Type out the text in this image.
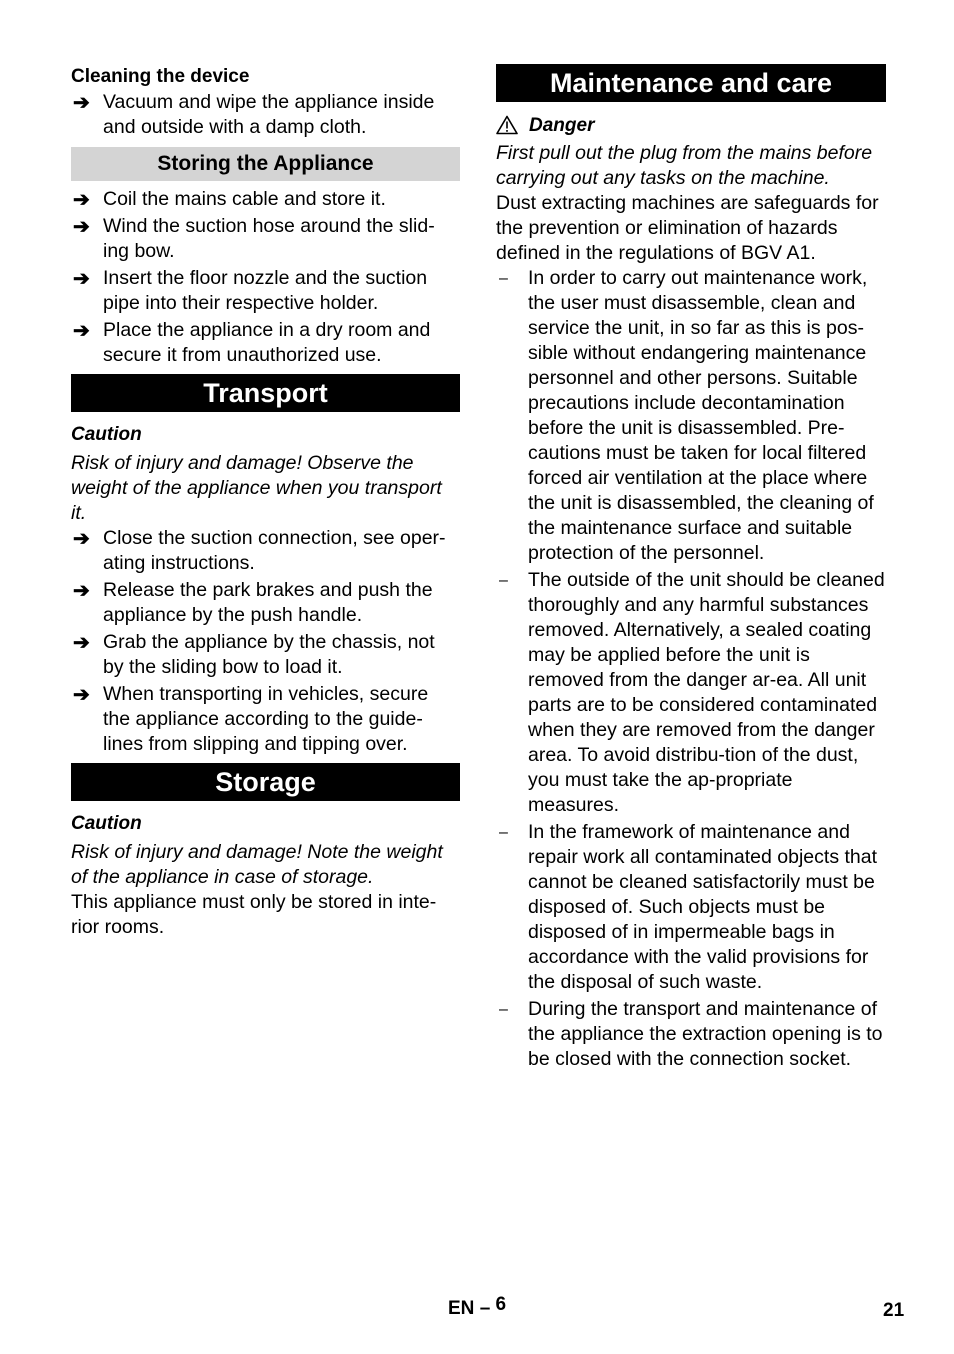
Cleaning the device
➔ Vacuum and wipe the appliance inside and outside with a damp cloth.
Storing the Appliance
➔ Coil the mains cable and store it.
➔ Wind the suction hose around the slid-ing bow.
➔ Insert the floor nozzle and the suction pipe into their respective holder.
➔ Place the appliance in a dry room and secure it from unauthorized use.
Transport
Caution
Risk of injury and damage! Observe the weight of the appliance when you transport it.
➔ Close the suction connection, see oper-ating instructions.
➔ Release the park brakes and push the appliance by the push handle.
➔ Grab the appliance by the chassis, not by the sliding bow to load it.
➔ When transporting in vehicles, secure the appliance according to the guide-lines from slipping and tipping over.
Storage
Caution
Risk of injury and damage! Note the weight of the appliance in case of storage.
This appliance must only be stored in inte-rior rooms.
Maintenance and care
Danger
First pull out the plug from the mains before carrying out any tasks on the machine.
Dust extracting machines are safeguards for the prevention or elimination of hazards defined in the regulations of BGV A1.
– In order to carry out maintenance work, the user must disassemble, clean and service the unit, in so far as this is pos-sible without endangering maintenance personnel and other persons. Suitable precautions include decontamination before the unit is disassembled. Pre-cautions must be taken for local filtered forced air ventilation at the place where the unit is disassembled, the cleaning of the maintenance surface and suitable protection of the personnel.
– The outside of the unit should be cleaned thoroughly and any harmful substances removed. Alternatively, a sealed coating may be applied before the unit is removed from the danger ar-ea. All unit parts are to be considered contaminated when they are removed from the danger area. To avoid distribu-tion of the dust, you must take the ap-propriate measures.
– In the framework of maintenance and repair work all contaminated objects that cannot be cleaned satisfactorily must be disposed of. Such objects must be disposed of in impermeable bags in accordance with the valid provisions for the disposal of such waste.
– During the transport and maintenance of the appliance the extraction opening is to be closed with the connection socket.
EN – 6	21
